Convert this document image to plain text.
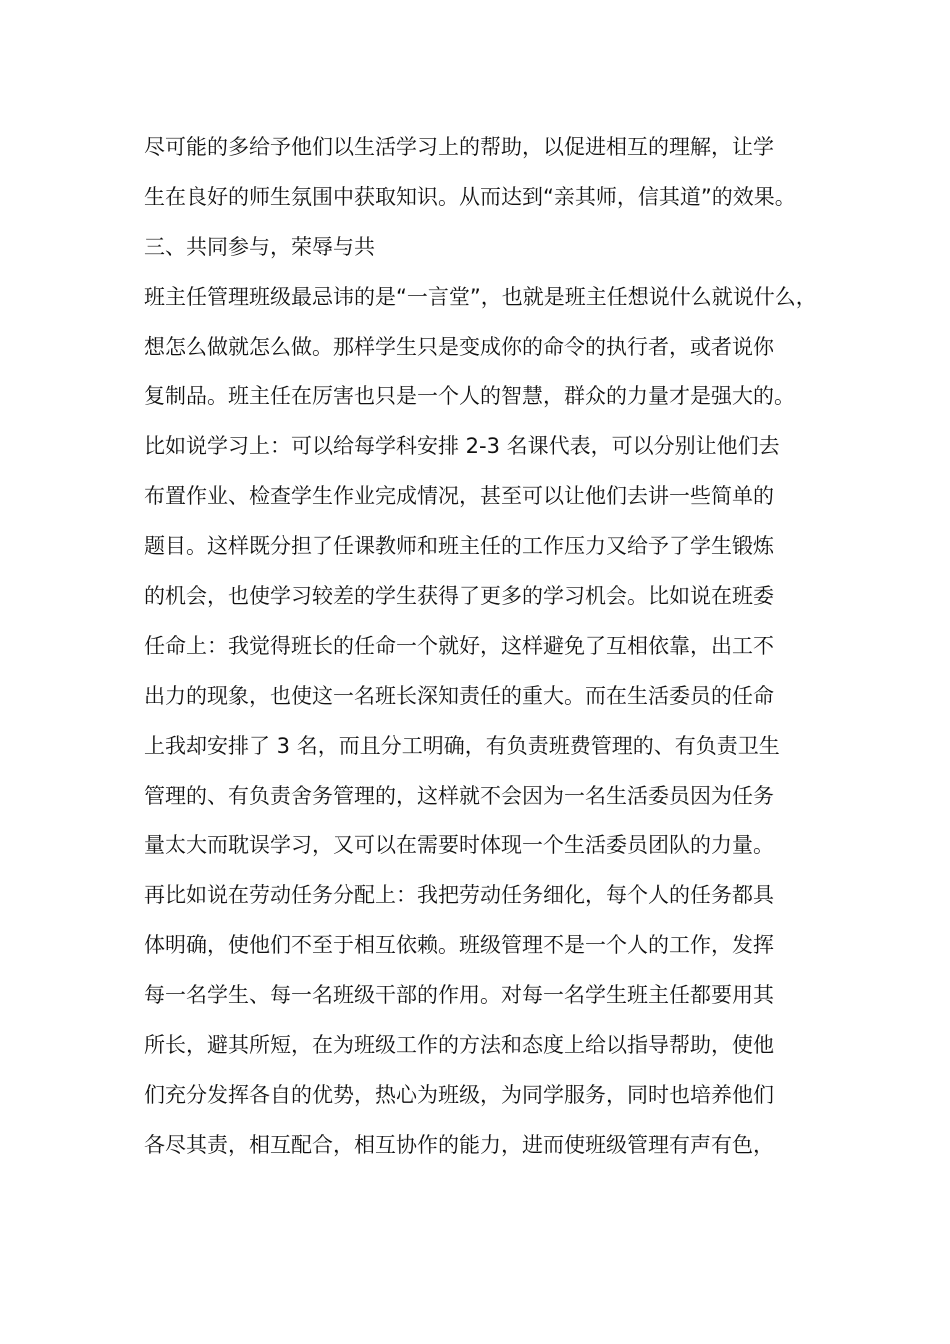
尽可能的多给予他们以生活学习上的帮助，以促进相互的理解，让学
生在良好的师生氛围中获取知识。从而达到“亲其师，信其道”的效果。
三、共同参与，荣辱与共
班主任管理班级最忌讳的是“一言堂”，也就是班主任想说什么就说什么，
想怎么做就怎么做。那样学生只是变成你的命令的执行者，或者说你
复制品。班主任在厉害也只是一个人的智慧，群众的力量才是强大的。
比如说学习上：可以给每学科安排 2-3 名课代表，可以分别让他们去
布置作业、检查学生作业完成情况，甚至可以让他们去讲一些简单的
题目。这样既分担了任课教师和班主任的工作压力又给予了学生锻炼
的机会，也使学习较差的学生获得了更多的学习机会。比如说在班委
任命上：我觉得班长的任命一个就好，这样避免了互相依靠，出工不
出力的现象，也使这一名班长深知责任的重大。而在生活委员的任命
上我却安排了 3 名，而且分工明确，有负责班费管理的、有负责卫生
管理的、有负责舍务管理的，这样就不会因为一名生活委员因为任务
量太大而耽误学习，又可以在需要时体现一个生活委员团队的力量。
再比如说在劳动任务分配上：我把劳动任务细化，每个人的任务都具
体明确，使他们不至于相互依赖。班级管理不是一个人的工作，发挥
每一名学生、每一名班级干部的作用。对每一名学生班主任都要用其
所长，避其所短，在为班级工作的方法和态度上给以指导帮助，使他
们充分发挥各自的优势，热心为班级，为同学服务，同时也培养他们
各尽其责，相互配合，相互协作的能力，进而使班级管理有声有色，
